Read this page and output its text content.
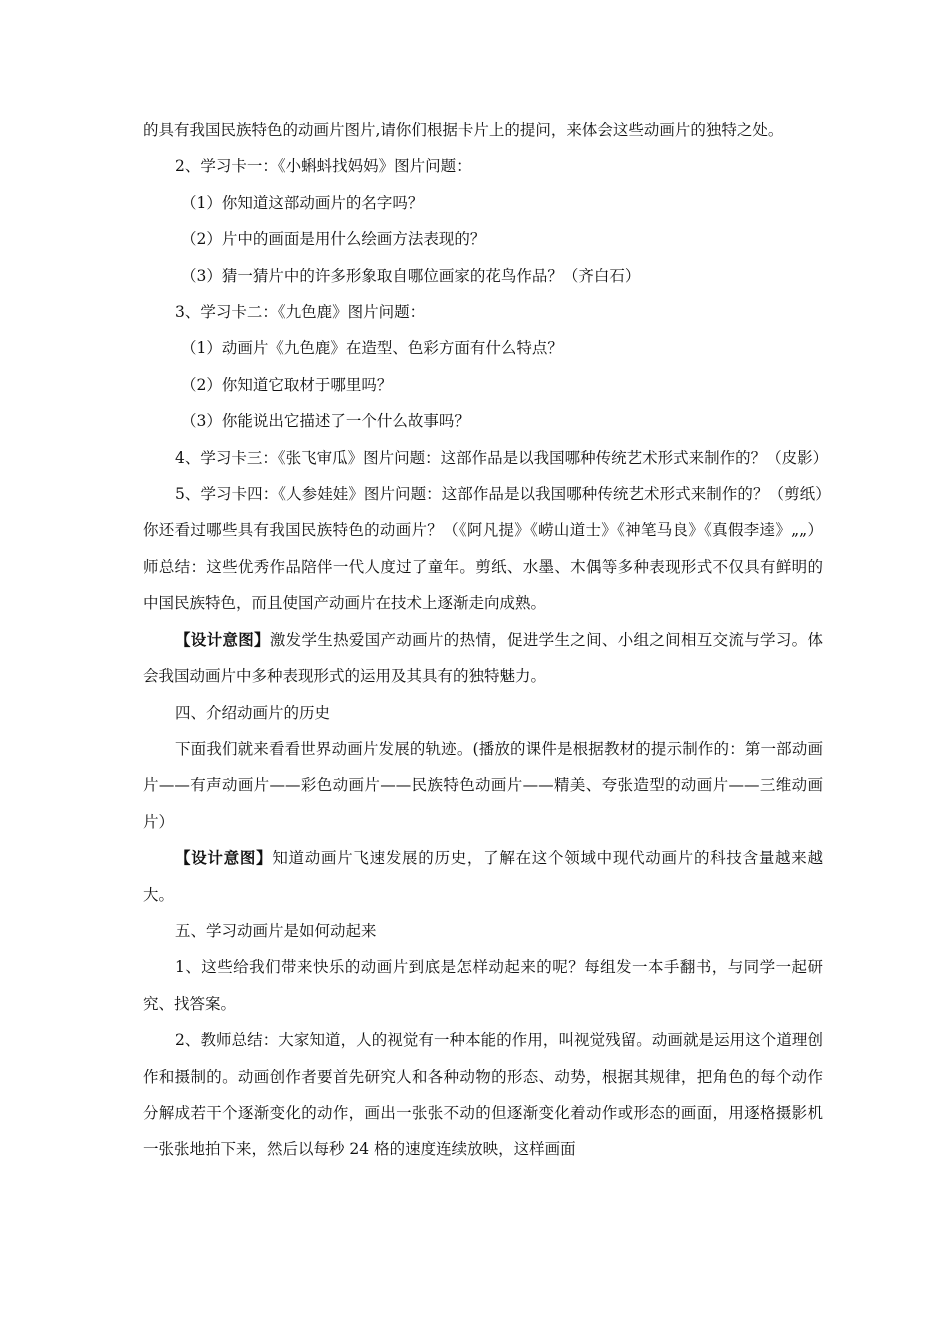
的具有我国民族特色的动画片图片,请你们根据卡片上的提问，来体会这些动画片的独特之处。

2、学习卡一：《小蝌蚪找妈妈》图片问题：

（1）你知道这部动画片的名字吗？

（2）片中的画面是用什么绘画方法表现的？

（3）猜一猜片中的许多形象取自哪位画家的花鸟作品？（齐白石）

3、学习卡二：《九色鹿》图片问题：

（1）动画片《九色鹿》在造型、色彩方面有什么特点？

（2）你知道它取材于哪里吗？

（3）你能说出它描述了一个什么故事吗？

4、学习卡三：《张飞审瓜》图片问题：这部作品是以我国哪种传统艺术形式来制作的？（皮影）

5、学习卡四：《人参娃娃》图片问题：这部作品是以我国哪种传统艺术形式来制作的？（剪纸）你还看过哪些具有我国民族特色的动画片？（《阿凡提》《崂山道士》《神笔马良》《真假李逵》„„）师总结：这些优秀作品陪伴一代人度过了童年。剪纸、水墨、木偶等多种表现形式不仅具有鲜明的中国民族特色，而且使国产动画片在技术上逐渐走向成熟。

【设计意图】激发学生热爱国产动画片的热情，促进学生之间、小组之间相互交流与学习。体会我国动画片中多种表现形式的运用及其具有的独特魅力。

四、介绍动画片的历史

下面我们就来看看世界动画片发展的轨迹。(播放的课件是根据教材的提示制作的：第一部动画片——有声动画片——彩色动画片——民族特色动画片——精美、夸张造型的动画片——三维动画片）

【设计意图】知道动画片飞速发展的历史，了解在这个领域中现代动画片的科技含量越来越大。

五、学习动画片是如何动起来

1、这些给我们带来快乐的动画片到底是怎样动起来的呢？每组发一本手翻书，与同学一起研究、找答案。

2、教师总结：大家知道，人的视觉有一种本能的作用，叫视觉残留。动画就是运用这个道理创作和摄制的。动画创作者要首先研究人和各种动物的形态、动势，根据其规律，把角色的每个动作分解成若干个逐渐变化的动作，画出一张张不动的但逐渐变化着动作或形态的画面，用逐格摄影机一张张地拍下来，然后以每秒 24 格的速度连续放映，这样画面
